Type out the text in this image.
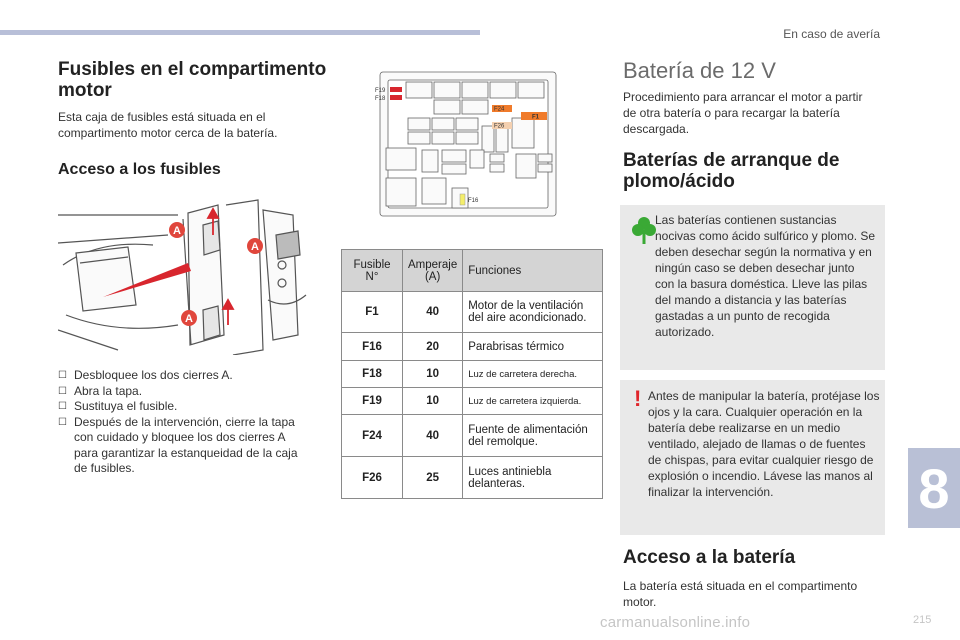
En caso de avería
8
Fusibles en el compartimento motor

Esta caja de fusibles está situada en el compartimento motor cerca de la batería.

Acceso a los fusibles
A
A
A
☐ Desbloquee los dos cierres A.
☐ Abra la tapa.
☐ Sustituya el fusible.
☐ Después de la intervención, cierre la tapa con cuidado y bloquee los dos cierres A para garantizar la estanqueidad de la caja de fusibles.
F19
F18
F24
F26
F1
F16
Fusible N°	Amperaje (A)	Funciones
F1	40	Motor de la ventilación del aire acondicionado.
F16	20	Parabrisas térmico
F18	10	Luz de carretera derecha.
F19	10	Luz de carretera izquierda.
F24	40	Fuente de alimentación del remolque.
F26	25	Luces antiniebla delanteras.
Batería de 12 V

Procedimiento para arrancar el motor a partir de otra batería o para recargar la batería descargada.

Baterías de arranque de plomo/ácido

Las baterías contienen sustancias nocivas como ácido sulfúrico y plomo. Se deben desechar según la normativa y en ningún caso se deben desechar junto con la basura doméstica. Lleve las pilas del mando a distancia y las baterías gastadas a un punto de recogida autorizado.

! Antes de manipular la batería, protéjase los ojos y la cara. Cualquier operación en la batería debe realizarse en un medio ventilado, alejado de llamas o de fuentes de chispas, para evitar cualquier riesgo de explosión o incendio. Lávese las manos al finalizar la intervención.

Acceso a la batería

La batería está situada en el compartimento motor.

carmanualsonline.info	215
